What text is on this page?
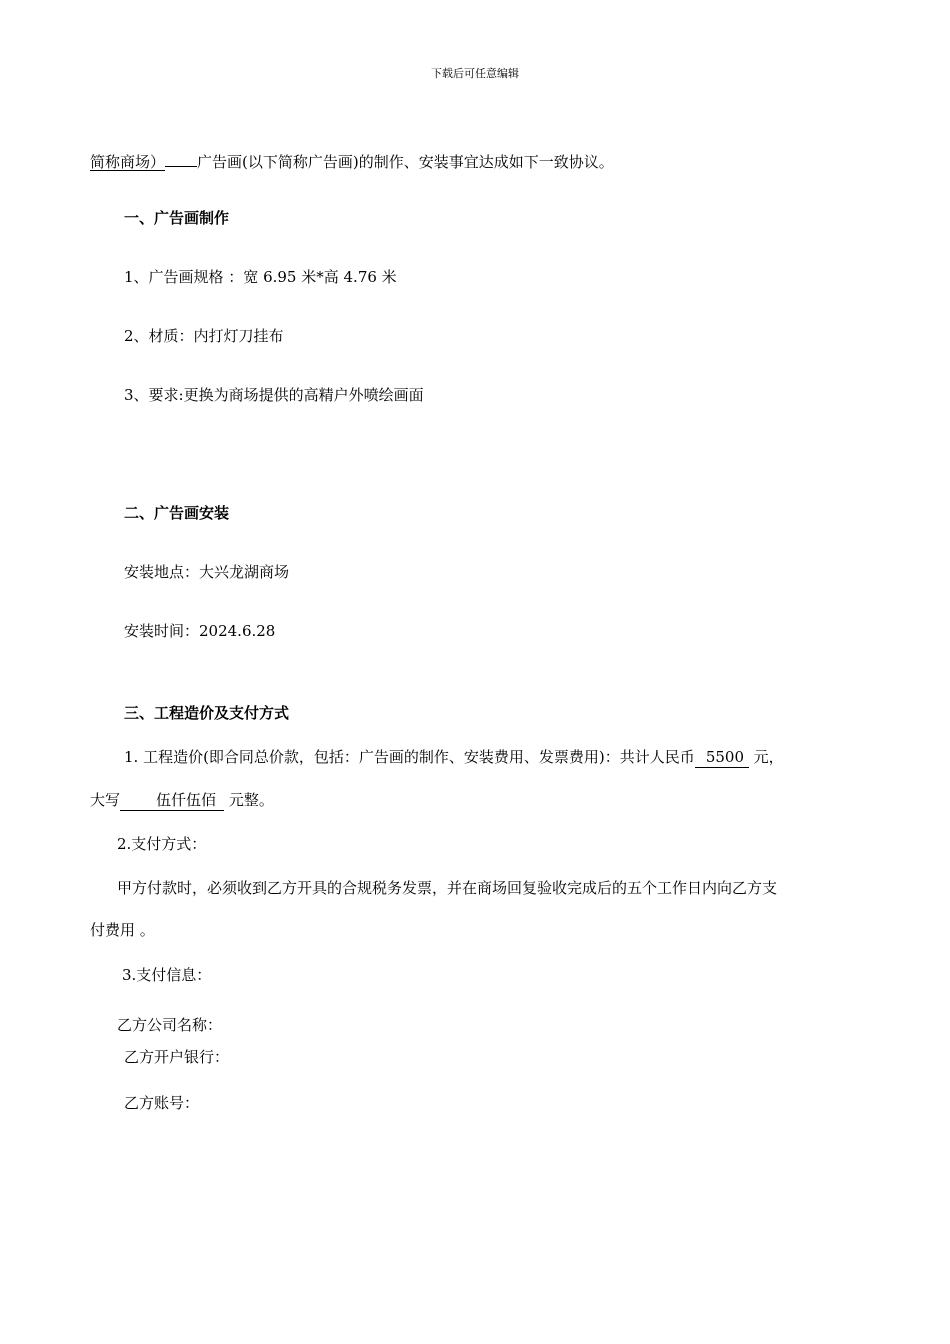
下载后可任意编辑
简称商场） 广告画(以下简称广告画)的制作、安装事宜达成如下一致协议。
一、广告画制作
1、广告画规格 ：宽 6.95 米*高 4.76 米
2、材质：内打灯刀挂布
3、要求:更换为商场提供的高精户外喷绘画面
二、广告画安装
安装地点：大兴龙湖商场
安装时间：2024.6.28
三、工程造价及支付方式
1. 工程造价(即合同总价款，包括：广告画的制作、安装费用、发票费用)：共计人民币 5500 元，
大写 伍仟伍佰 元整。
2.支付方式：
甲方付款时，必须收到乙方开具的合规税务发票，并在商场回复验收完成后的五个工作日内向乙方支
付费用 。
3.支付信息：
乙方公司名称：
乙方开户银行：
乙方账号：
